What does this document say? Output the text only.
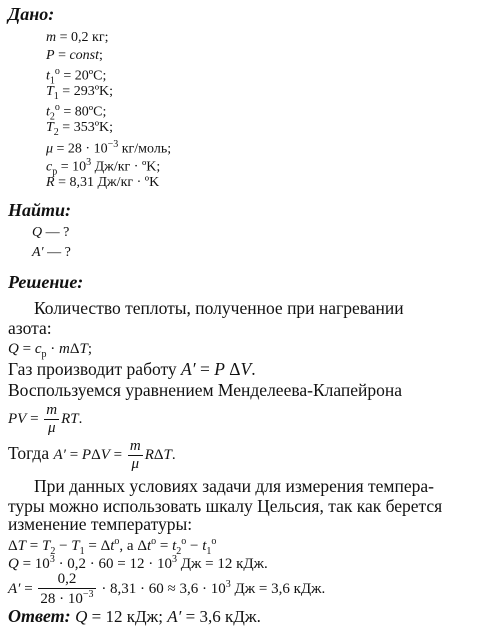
Дано:
m = 0,2 кг;
P = const;
$t_1^o$ = 20ºC;
$T_1$ = 293ºK;
$t_2^o$ = 80ºC;
$T_2$ = 353ºK;
$\mu = 28 \cdot 10^{-3}$ кг/моль;
$c_p = 10^3$ Дж/кг · ºK;
R = 8,31 Дж/кг · ºK
Найти:
Q — ?
A′ — ?
Решение:
Количество теплоты, полученное при нагревании
азота:
$Q = c_p \cdot m\Delta T$;
Газ производит работу A′ = P ΔV.
Воспользуемся уравнением Менделеева-Клапейрона
PV = $\frac{m}{\mu}$ RT.
Тогда $A' = P\Delta V = \frac{m}{\mu} R\Delta T$.
При данных условиях задачи для измерения темпера-
туры можно использовать шкалу Цельсия, так как берется
изменение температуры:
$\Delta T = T_2 - T_1 = \Delta t^o$, а $\Delta t^o = t_2^o - t_1^o$
$Q = 10^3 \cdot 0,2 \cdot 60 = 12 \cdot 10^3$ Дж = 12 кДж.
$A' = \frac{0,2}{28 \cdot 10^{-3}} \cdot 8,31 \cdot 60 \approx 3,6 \cdot 10^3$ Дж = 3,6 кДж.
Ответ: Q = 12 кДж; A′ = 3,6 кДж.
